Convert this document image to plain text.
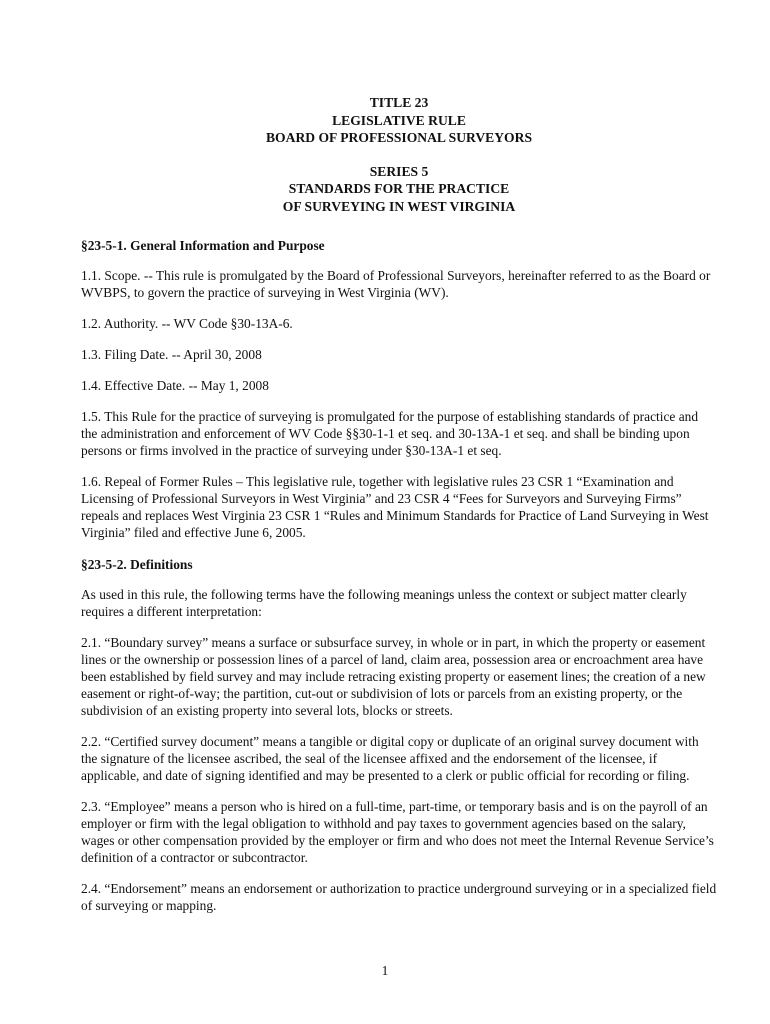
TITLE 23
LEGISLATIVE RULE
BOARD OF PROFESSIONAL SURVEYORS
SERIES 5
STANDARDS FOR THE PRACTICE
OF SURVEYING IN WEST VIRGINIA
§23-5-1. General Information and Purpose

1.1. Scope. -- This rule is promulgated by the Board of Professional Surveyors, hereinafter referred to as the Board or WVBPS, to govern the practice of surveying in West Virginia (WV).

1.2. Authority. -- WV Code §30-13A-6.

1.3. Filing Date. -- April 30, 2008

1.4. Effective Date. -- May 1, 2008

1.5. This Rule for the practice of surveying is promulgated for the purpose of establishing standards of practice and the administration and enforcement of WV Code §§30-1-1 et seq. and 30-13A-1 et seq. and shall be binding upon persons or firms involved in the practice of surveying under §30-13A-1 et seq.

1.6. Repeal of Former Rules – This legislative rule, together with legislative rules 23 CSR 1 “Examination and Licensing of Professional Surveyors in West Virginia” and 23 CSR 4 “Fees for Surveyors and Surveying Firms” repeals and replaces West Virginia 23 CSR 1 “Rules and Minimum Standards for Practice of Land Surveying in West Virginia” filed and effective June 6, 2005.

§23-5-2. Definitions

As used in this rule, the following terms have the following meanings unless the context or subject matter clearly requires a different interpretation:

2.1. “Boundary survey” means a surface or subsurface survey, in whole or in part, in which the property or easement lines or the ownership or possession lines of a parcel of land, claim area, possession area or encroachment area have been established by field survey and may include retracing existing property or easement lines; the creation of a new easement or right-of-way; the partition, cut-out or subdivision of lots or parcels from an existing property, or the subdivision of an existing property into several lots, blocks or streets.

2.2. “Certified survey document” means a tangible or digital copy or duplicate of an original survey document with the signature of the licensee ascribed, the seal of the licensee affixed and the endorsement of the licensee, if applicable, and date of signing identified and may be presented to a clerk or public official for recording or filing.

2.3. “Employee” means a person who is hired on a full-time, part-time, or temporary basis and is on the payroll of an employer or firm with the legal obligation to withhold and pay taxes to government agencies based on the salary, wages or other compensation provided by the employer or firm and who does not meet the Internal Revenue Service’s definition of a contractor or subcontractor.

2.4. “Endorsement” means an endorsement or authorization to practice underground surveying or in a specialized field of surveying or mapping.

1
